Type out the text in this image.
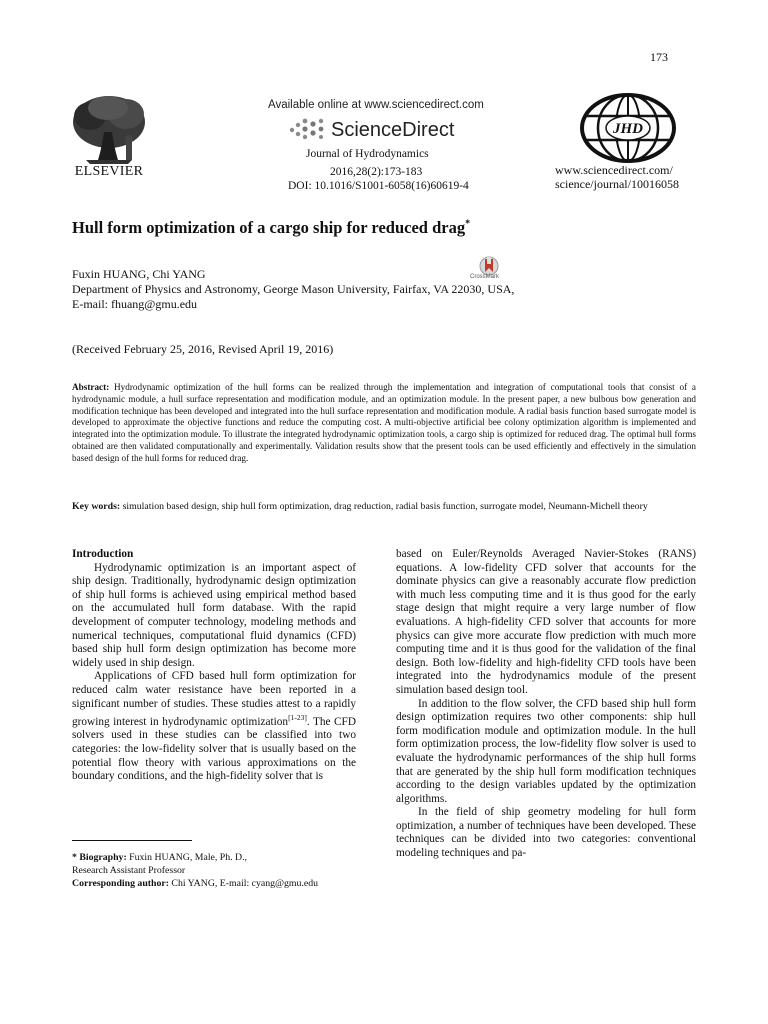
173
ELSEVIER
Available online at www.sciencedirect.com
ScienceDirect
Journal of Hydrodynamics
2016,28(2):173-183
DOI: 10.1016/S1001-6058(16)60619-4
JHD
www.sciencedirect.com/
science/journal/10016058
Hull form optimization of a cargo ship for reduced drag*
Fuxin HUANG, Chi YANG	CrossMark
Department of Physics and Astronomy, George Mason University, Fairfax, VA 22030, USA,
E-mail: fhuang@gmu.edu
(Received February 25, 2016, Revised April 19, 2016)
Abstract: Hydrodynamic optimization of the hull forms can be realized through the implementation and integration of computational tools that consist of a hydrodynamic module, a hull surface representation and modification module, and an optimization module. In the present paper, a new bulbous bow generation and modification technique has been developed and integrated into the hull surface representation and modification module. A radial basis function based surrogate model is developed to approximate the objective functions and reduce the computing cost. A multi-objective artificial bee colony optimization algorithm is implemented and integrated into the optimization module. To illustrate the integrated hydrodynamic optimization tools, a cargo ship is optimized for reduced drag. The optimal hull forms obtained are then validated computationally and experimentally. Validation results show that the present tools can be used efficiently and effectively in the simulation based design of the hull forms for reduced drag.
Key words: simulation based design, ship hull form optimization, drag reduction, radial basis function, surrogate model, Neumann-Michell theory

Introduction

Hydrodynamic optimization is an important aspect of ship design. Traditionally, hydrodynamic design optimization of ship hull forms is achieved using empirical method based on the accumulated hull form database. With the rapid development of computer technology, modeling methods and numerical techniques, computational fluid dynamics (CFD) based ship hull form design optimization has become more widely used in ship design.

Applications of CFD based hull form optimization for reduced calm water resistance have been reported in a significant number of studies. These studies attest to a rapidly growing interest in hydrodynamic optimization[1-23]. The CFD solvers used in these studies can be classified into two categories: the low-fidelity solver that is usually based on the potential flow theory with various approximations on the boundary conditions, and the high-fidelity solver that is

based on Euler/Reynolds Averaged Navier-Stokes (RANS) equations. A low-fidelity CFD solver that accounts for the dominate physics can give a reasonably accurate flow prediction with much less computing time and it is thus good for the early stage design that might require a very large number of flow evaluations. A high-fidelity CFD solver that accounts for more physics can give more accurate flow prediction with much more computing time and it is thus good for the validation of the final design. Both low-fidelity and high-fidelity CFD tools have been integrated into the hydrodynamics module of the present simulation based design tool.

In addition to the flow solver, the CFD based ship hull form design optimization requires two other components: ship hull form modification module and optimization module. In the hull form optimization process, the low-fidelity flow solver is used to evaluate the hydrodynamic performances of the ship hull forms that are generated by the ship hull form modification techniques according to the design variables updated by the optimization algorithms.

In the field of ship geometry modeling for hull form optimization, a number of techniques have been developed. These techniques can be divided into two categories: conventional modeling techniques and pa-

* Biography: Fuxin HUANG, Male, Ph. D.,
Research Assistant Professor
Corresponding author: Chi YANG, E-mail: cyang@gmu.edu
